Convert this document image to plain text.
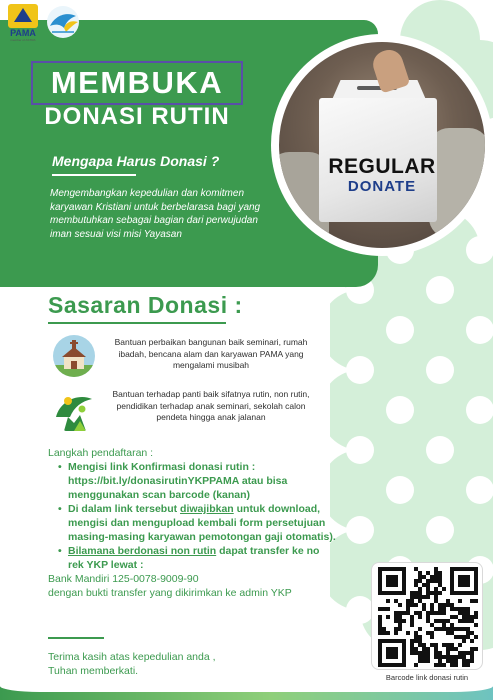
PAMA
member of ASTRA
MEMBUKA
DONASI RUTIN
Mengapa Harus Donasi ?
Mengembangkan kepedulian dan komitmen karyawan Kristiani untuk berbelarasa bagi yang membutuhkan sebagai bagian dari perwujudan iman sesuai visi misi Yayasan
REGULAR
DONATE
Sasaran Donasi :
Bantuan perbaikan bangunan baik seminari, rumah ibadah, bencana alam dan karyawan PAMA yang mengalami musibah
Bantuan terhadap panti baik sifatnya rutin, non rutin, pendidikan terhadap anak seminari, sekolah calon pendeta hingga anak jalanan
Langkah pendaftaran :
• Mengisi link Konfirmasi donasi rutin : https://bit.ly/donasirutinYKPPAMA atau bisa menggunakan scan barcode (kanan)
• Di dalam link tersebut diwajibkan untuk download, mengisi dan mengupload kembali form persetujuan masing-masing karyawan pemotongan gaji otomatis).
• Bilamana berdonasi non rutin dapat transfer ke no rek YKP lewat :
Bank Mandiri 125-0078-9009-90
dengan bukti transfer yang dikirimkan ke admin YKP
Terima kasih atas kepedulian anda ,
Tuhan memberkati.
Barcode link donasi rutin
